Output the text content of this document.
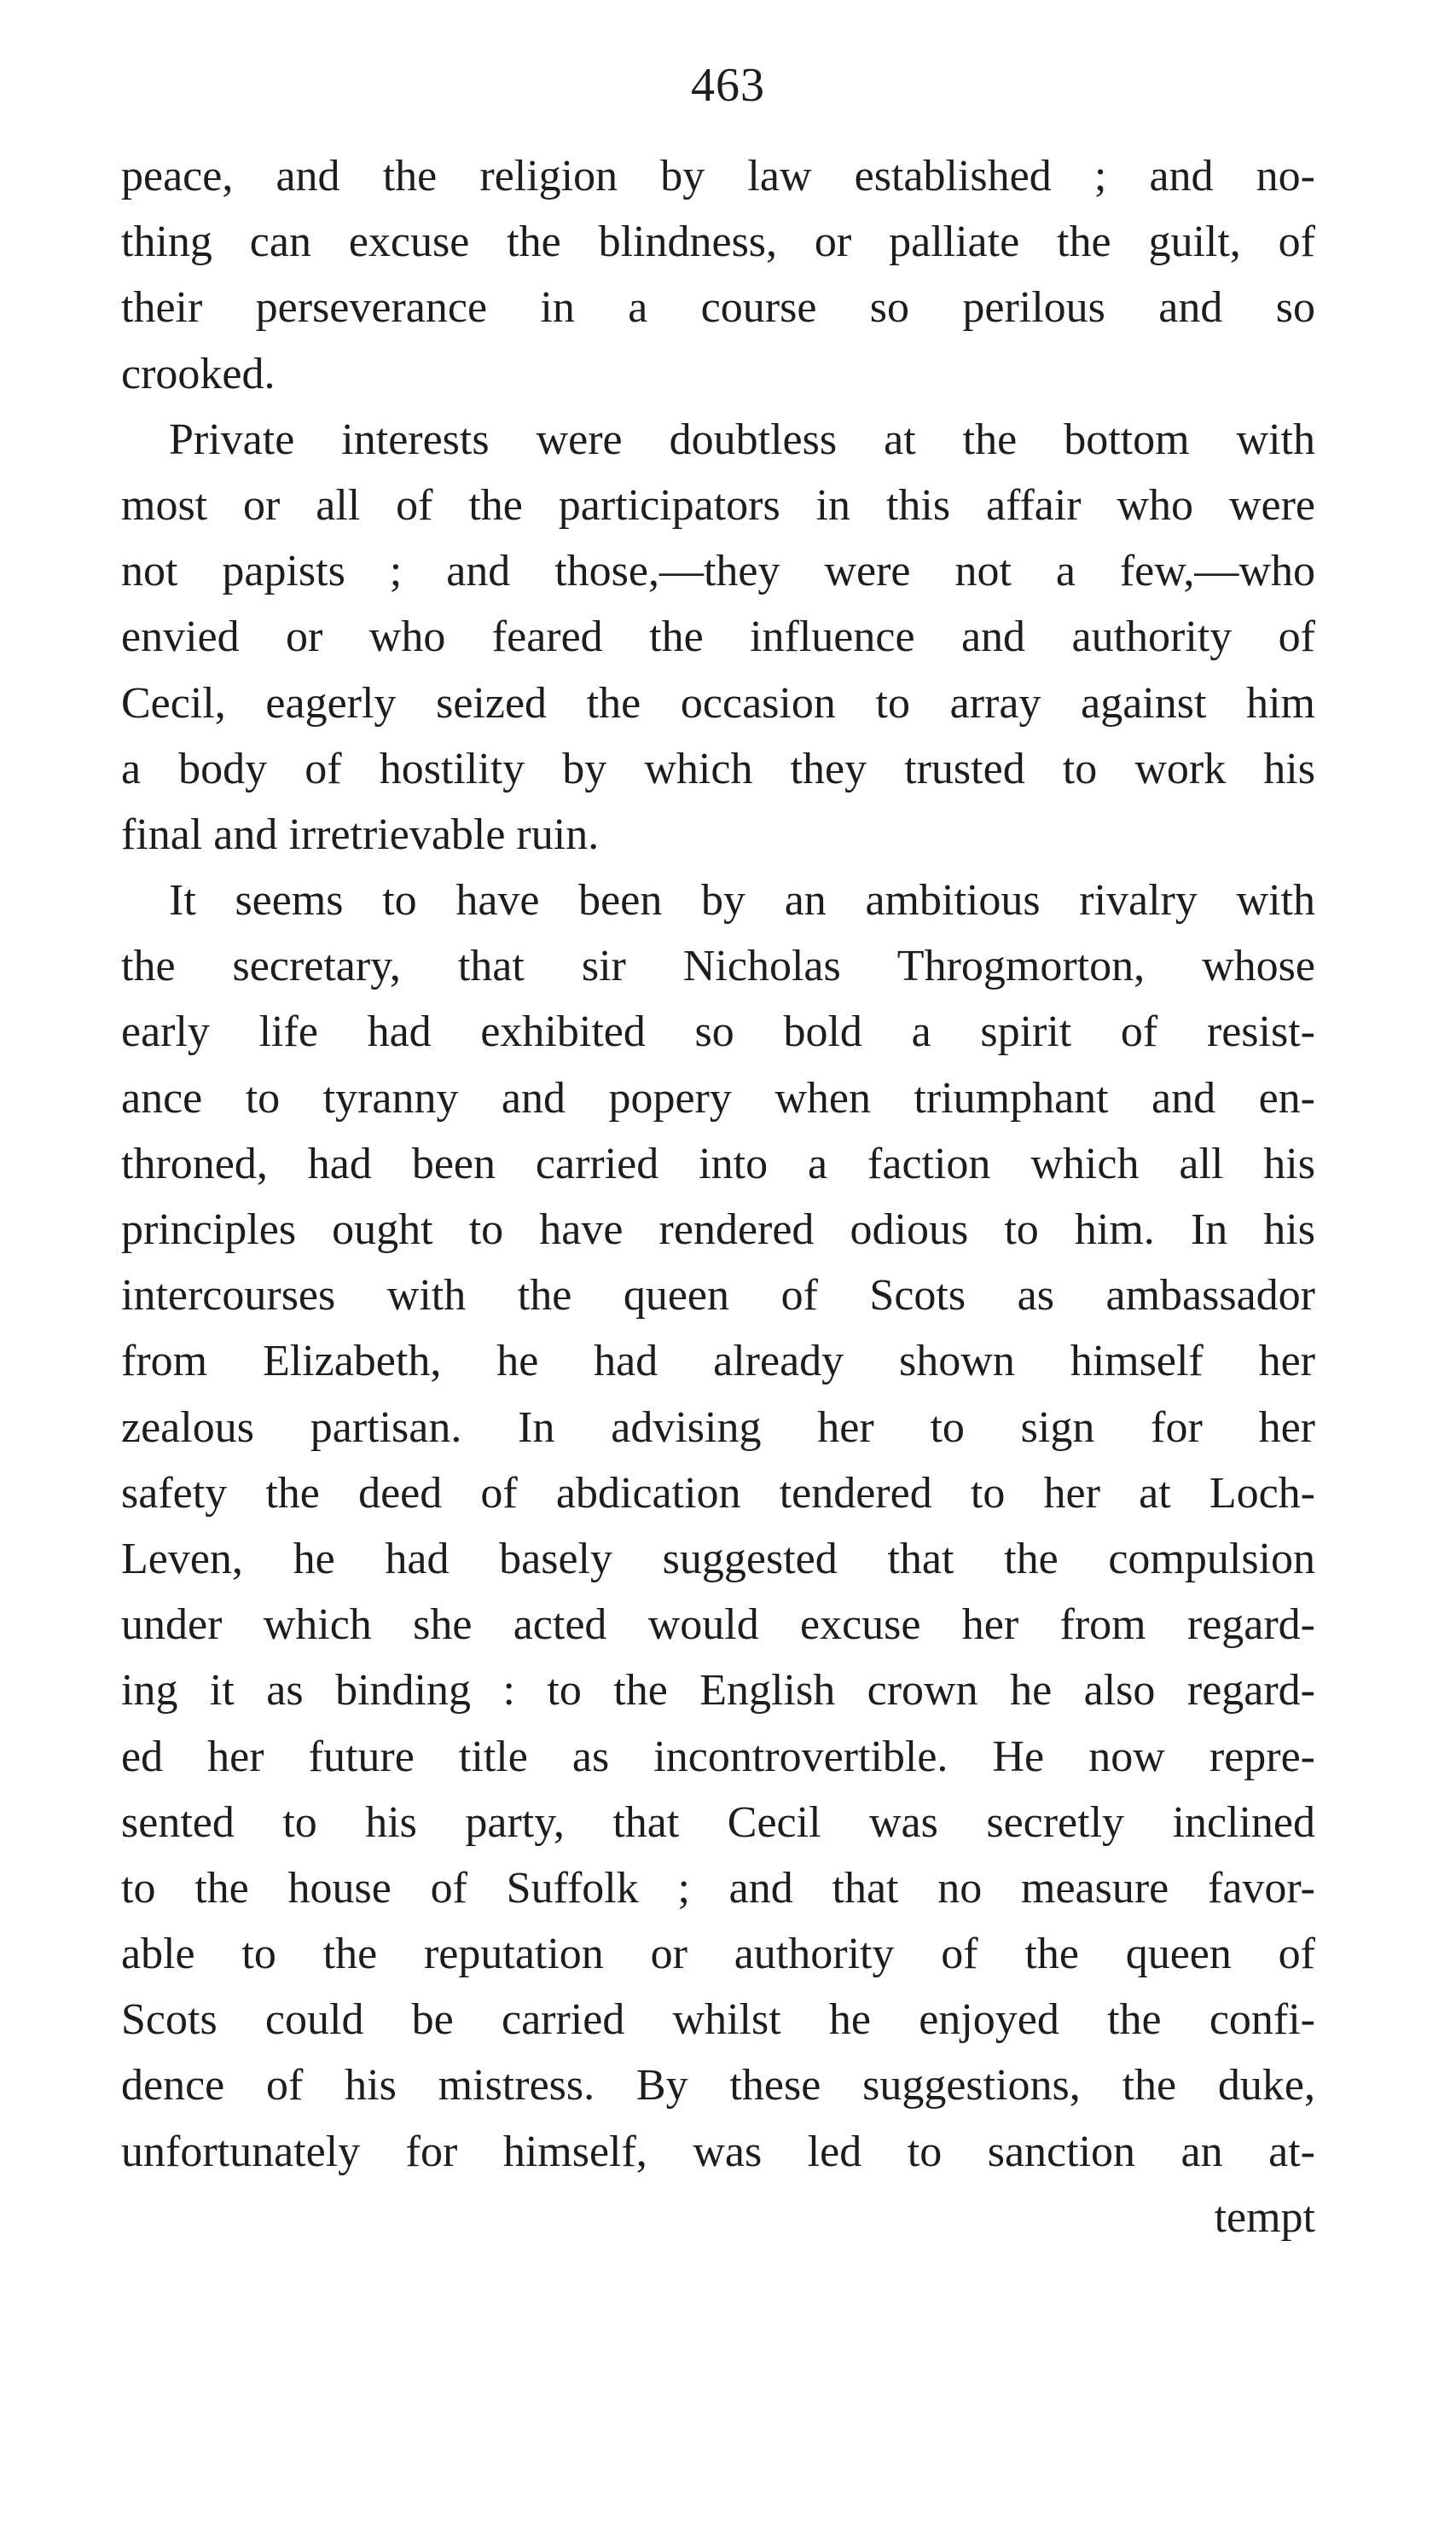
463
peace, and the religion by law established ; and no-
thing can excuse the blindness, or palliate the guilt, of
their perseverance in a course so perilous and so
crooked.
Private interests were doubtless at the bottom with
most or all of the participators in this affair who were
not papists ; and those,—they were not a few,—who
envied or who feared the influence and authority of
Cecil, eagerly seized the occasion to array against him
a body of hostility by which they trusted to work his
final and irretrievable ruin.
It seems to have been by an ambitious rivalry with
the secretary, that sir Nicholas Throgmorton, whose
early life had exhibited so bold a spirit of resist-
ance to tyranny and popery when triumphant and en-
throned, had been carried into a faction which all his
principles ought to have rendered odious to him. In his
intercourses with the queen of Scots as ambassador
from Elizabeth, he had already shown himself her
zealous partisan. In advising her to sign for her
safety the deed of abdication tendered to her at Loch-
Leven, he had basely suggested that the compulsion
under which she acted would excuse her from regard-
ing it as binding : to the English crown he also regard-
ed her future title as incontrovertible. He now repre-
sented to his party, that Cecil was secretly inclined
to the house of Suffolk ; and that no measure favor-
able to the reputation or authority of the queen of
Scots could be carried whilst he enjoyed the confi-
dence of his mistress. By these suggestions, the duke,
unfortunately for himself, was led to sanction an at-
tempt
